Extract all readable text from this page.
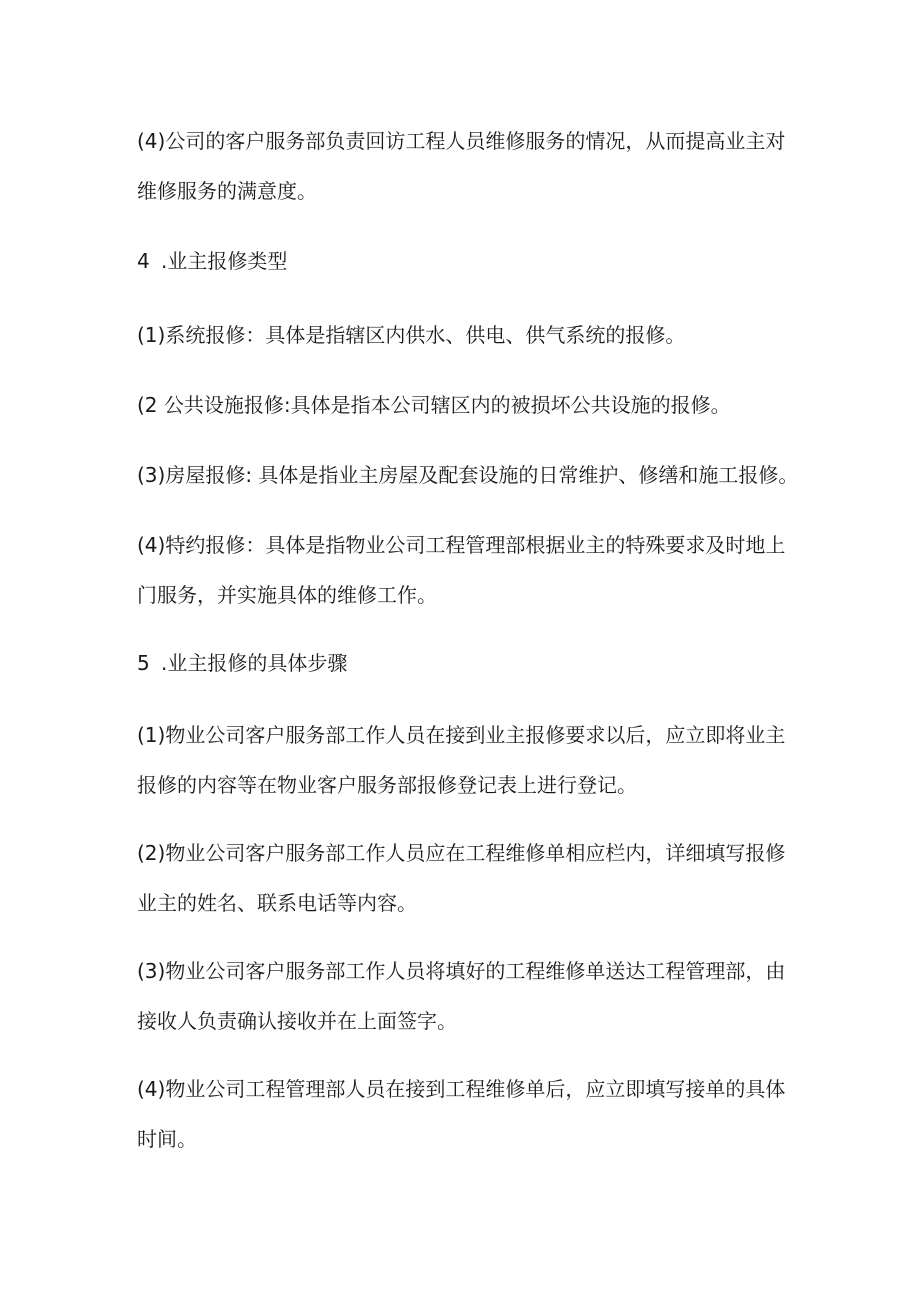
(4)公司的客户服务部负责回访工程人员维修服务的情况，从而提高业主对
维修服务的满意度。

4 .业主报修类型

(1)系统报修：具体是指辖区内供水、供电、供气系统的报修。

(2 公共设施报修:具体是指本公司辖区内的被损坏公共设施的报修。

(3)房屋报修: 具体是指业主房屋及配套设施的日常维护、修缮和施工报修。

(4)特约报修：具体是指物业公司工程管理部根据业主的特殊要求及时地上
门服务，并实施具体的维修工作。

5 .业主报修的具体步骤

(1)物业公司客户服务部工作人员在接到业主报修要求以后，应立即将业主
报修的内容等在物业客户服务部报修登记表上进行登记。

(2)物业公司客户服务部工作人员应在工程维修单相应栏内，详细填写报修
业主的姓名、联系电话等内容。

(3)物业公司客户服务部工作人员将填好的工程维修单送达工程管理部，由
接收人负责确认接收并在上面签字。

(4)物业公司工程管理部人员在接到工程维修单后，应立即填写接单的具体
时间。
